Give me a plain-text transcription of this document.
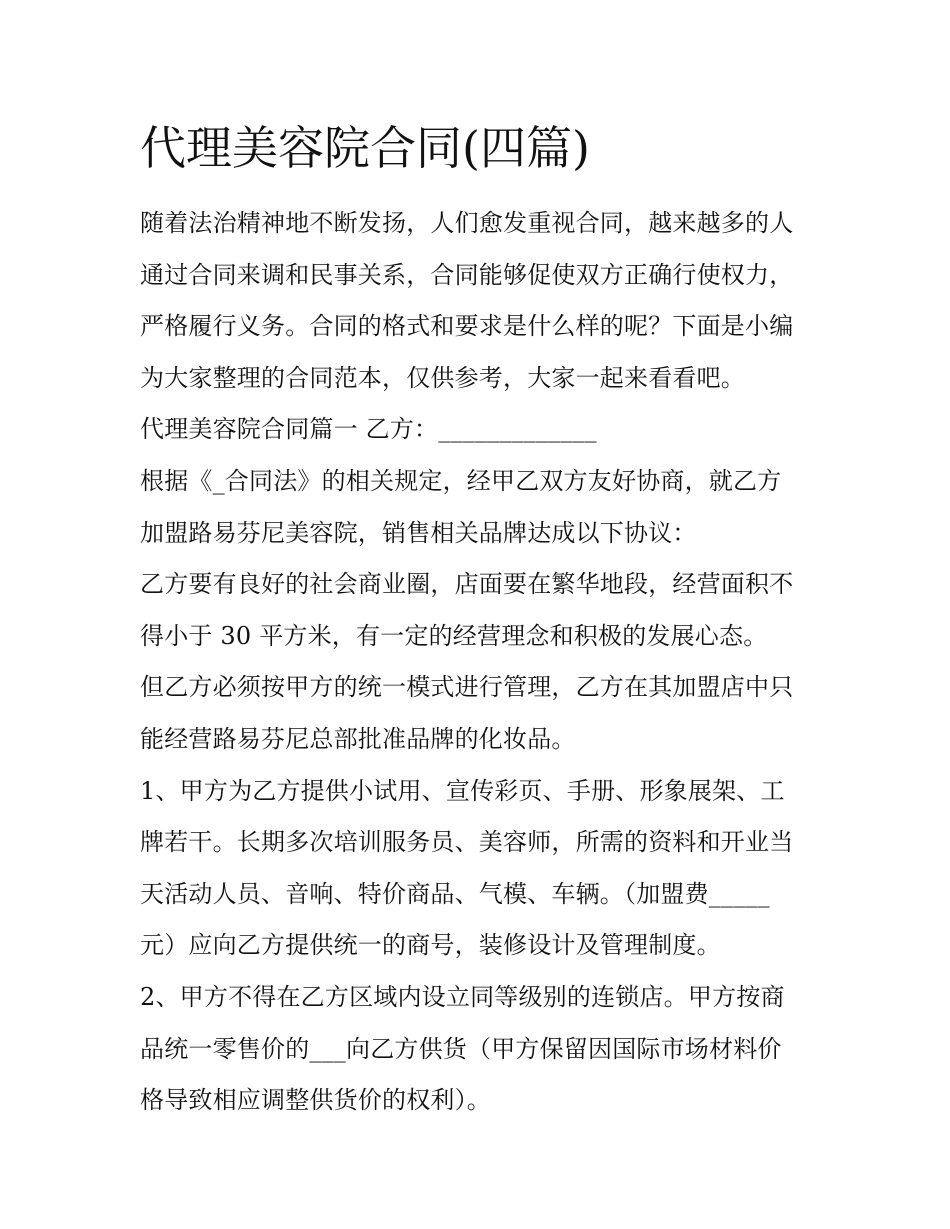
代理美容院合同(四篇)
随着法治精神地不断发扬，人们愈发重视合同，越来越多的人
通过合同来调和民事关系，合同能够促使双方正确行使权力，
严格履行义务。合同的格式和要求是什么样的呢？下面是小编
为大家整理的合同范本，仅供参考，大家一起来看看吧。
代理美容院合同篇一 乙方：_____________
根据《_合同法》的相关规定，经甲乙双方友好协商，就乙方
加盟路易芬尼美容院，销售相关品牌达成以下协议：
乙方要有良好的社会商业圈，店面要在繁华地段，经营面积不
得小于 30 平方米，有一定的经营理念和积极的发展心态。
但乙方必须按甲方的统一模式进行管理，乙方在其加盟店中只
能经营路易芬尼总部批准品牌的化妆品。
1、甲方为乙方提供小试用、宣传彩页、手册、形象展架、工
牌若干。长期多次培训服务员、美容师，所需的资料和开业当
天活动人员、音响、特价商品、气模、车辆。（加盟费_____
元）应向乙方提供统一的商号，装修设计及管理制度。
2、甲方不得在乙方区域内设立同等级别的连锁店。甲方按商
品统一零售价的___向乙方供货（甲方保留因国际市场材料价
格导致相应调整供货价的权利）。
